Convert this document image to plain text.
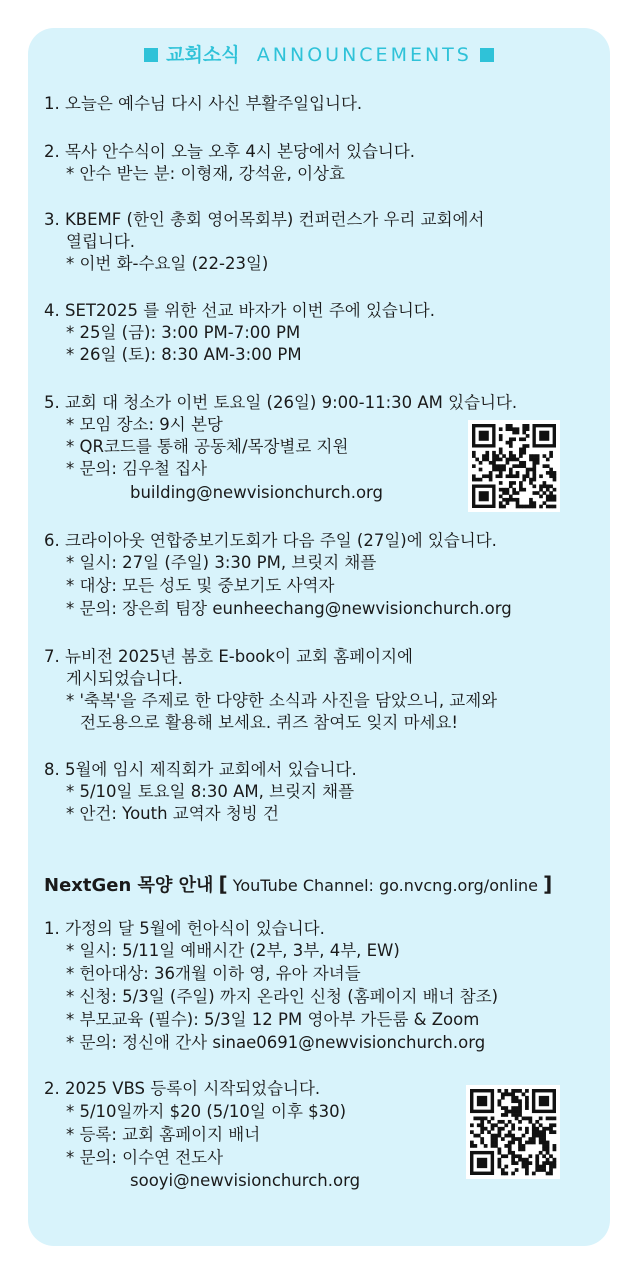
교회소식 ANNOUNCEMENTS
1. 오늘은 예수님 다시 사신 부활주일입니다.
2. 목사 안수식이 오늘 오후 4시 본당에서 있습니다.
* 안수 받는 분: 이형재, 강석윤, 이상효
3. KBEMF (한인 총회 영어목회부) 컨퍼런스가 우리 교회에서
열립니다.
* 이번 화-수요일 (22-23일)
4. SET2025 를 위한 선교 바자가 이번 주에 있습니다.
* 25일 (금): 3:00 PM-7:00 PM
* 26일 (토): 8:30 AM-3:00 PM
5. 교회 대 청소가 이번 토요일 (26일) 9:00-11:30 AM 있습니다.
* 모임 장소: 9시 본당
* QR코드를 통해 공동체/목장별로 지원
* 문의: 김우철 집사
building@newvisionchurch.org
6. 크라이아웃 연합중보기도회가 다음 주일 (27일)에 있습니다.
* 일시: 27일 (주일) 3:30 PM, 브릿지 채플
* 대상: 모든 성도 및 중보기도 사역자
* 문의: 장은희 팀장 eunheechang@newvisionchurch.org
7. 뉴비전 2025년 봄호 E-book이 교회 홈페이지에
게시되었습니다.
* '축복'을 주제로 한 다양한 소식과 사진을 담았으니, 교제와
전도용으로 활용해 보세요. 퀴즈 참여도 잊지 마세요!
8. 5월에 임시 제직회가 교회에서 있습니다.
* 5/10일 토요일 8:30 AM, 브릿지 채플
* 안건: Youth 교역자 청빙 건
NextGen 목양 안내 [ YouTube Channel: go.nvcng.org/online ]
1. 가정의 달 5월에 헌아식이 있습니다.
* 일시: 5/11일 예배시간 (2부, 3부, 4부, EW)
* 헌아대상: 36개월 이하 영, 유아 자녀들
* 신청: 5/3일 (주일) 까지 온라인 신청 (홈페이지 배너 참조)
* 부모교육 (필수): 5/3일 12 PM 영아부 가든룸 & Zoom
* 문의: 정신애 간사 sinae0691@newvisionchurch.org
2. 2025 VBS 등록이 시작되었습니다.
* 5/10일까지 $20 (5/10일 이후 $30)
* 등록: 교회 홈페이지 배너
* 문의: 이수연 전도사
sooyi@newvisionchurch.org
